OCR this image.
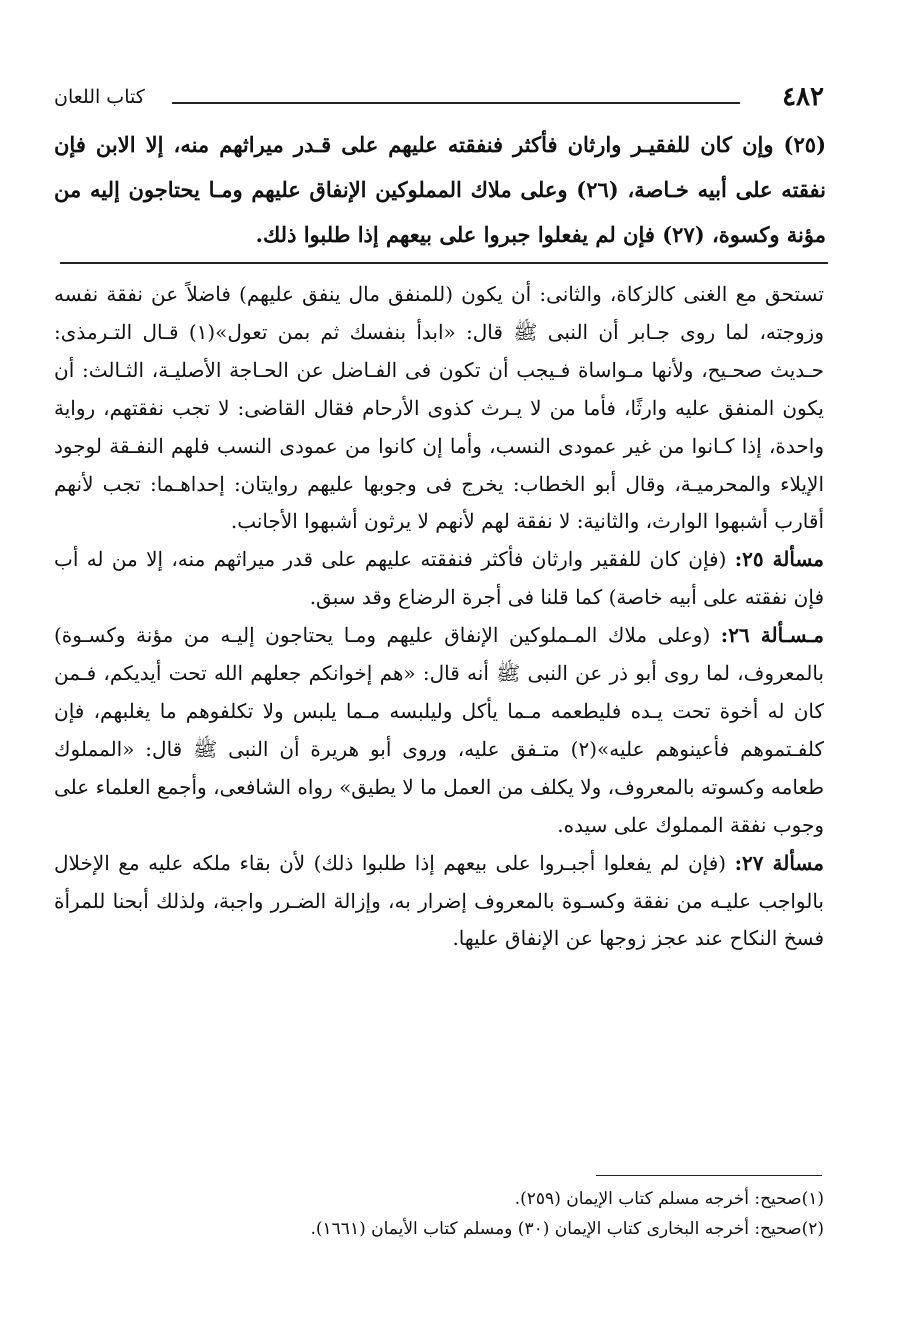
٤٨٢
كتاب اللعان
(٢٥) وإن كان للفقيـر وارثان فأكثر فنفقته عليهم على قـدر ميراثهم منه، إلا الابن فإن نفقته على أبيه خـاصة، (٢٦) وعلى ملاك المملوكين الإنفاق عليهم ومـا يحتاجون إليه من مؤنة وكسوة، (٢٧) فإن لم يفعلوا جبروا على بيعهم إذا طلبوا ذلك.

تستحق مع الغنى كالزكاة، والثانى: أن يكون (للمنفق مال ينفق عليهم) فاضلاً عن نفقة نفسه وزوجته، لما روى جـابر أن النبى ﷺ قال: «ابدأ بنفسك ثم بمن تعول»(١) قـال التـرمذى: حـديث صحـيح، ولأنها مـواساة فـيجب أن تكون فى الفـاضل عن الحـاجة الأصليـة، الثـالث: أن يكون المنفق عليه وارثًا، فأما من لا يـرث كذوى الأرحام فقال القاضى: لا تجب نفقتهم، رواية واحدة، إذا كـانوا من غير عمودى النسب، وأما إن كانوا من عمودى النسب فلهم النفـقة لوجود الإيلاء والمحرميـة، وقال أبو الخطاب: يخرج فى وجوبها عليهم روايتان: إحداهـما: تجب لأنهم أقارب أشبهوا الوارث، والثانية: لا نفقة لهم لأنهم لا يرثون أشبهوا الأجانب.

مسألة ٢٥: (فإن كان للفقير وارثان فأكثر فنفقته عليهم على قدر ميراثهم منه، إلا من له أب فإن نفقته على أبيه خاصة) كما قلنا فى أجرة الرضاع وقد سبق.

مـسـألة ٢٦: (وعلى ملاك المـملوكين الإنفاق عليهم ومـا يحتاجون إليـه من مؤنة وكسـوة) بالمعروف، لما روى أبو ذر عن النبى ﷺ أنه قال: «هم إخوانكم جعلهم الله تحت أيديكم، فـمن كان له أخوة تحت يـده فليطعمه مـما يأكل وليلبسه مـما يلبس ولا تكلفوهم ما يغلبهم، فإن كلفـتموهم فأعينوهم عليه»(٢) متـفق عليه، وروى أبو هريرة أن النبى ﷺ قال: «المملوك طعامه وكسوته بالمعروف، ولا يكلف من العمل ما لا يطيق» رواه الشافعى، وأجمع العلماء على وجوب نفقة المملوك على سيده.

مسألة ٢٧: (فإن لم يفعلوا أجبـروا على بيعهم إذا طلبوا ذلك) لأن بقاء ملكه عليه مع الإخلال بالواجب عليـه من نفقة وكسـوة بالمعروف إضرار به، وإزالة الضـرر واجبة، ولذلك أبحنا للمرأة فسخ النكاح عند عجز زوجها عن الإنفاق عليها.

(١)صحيح: أخرجه مسلم كتاب الإيمان (٢٥٩).

(٢)صحيح: أخرجه البخارى كتاب الإيمان (٣٠) ومسلم كتاب الأيمان (١٦٦١).
